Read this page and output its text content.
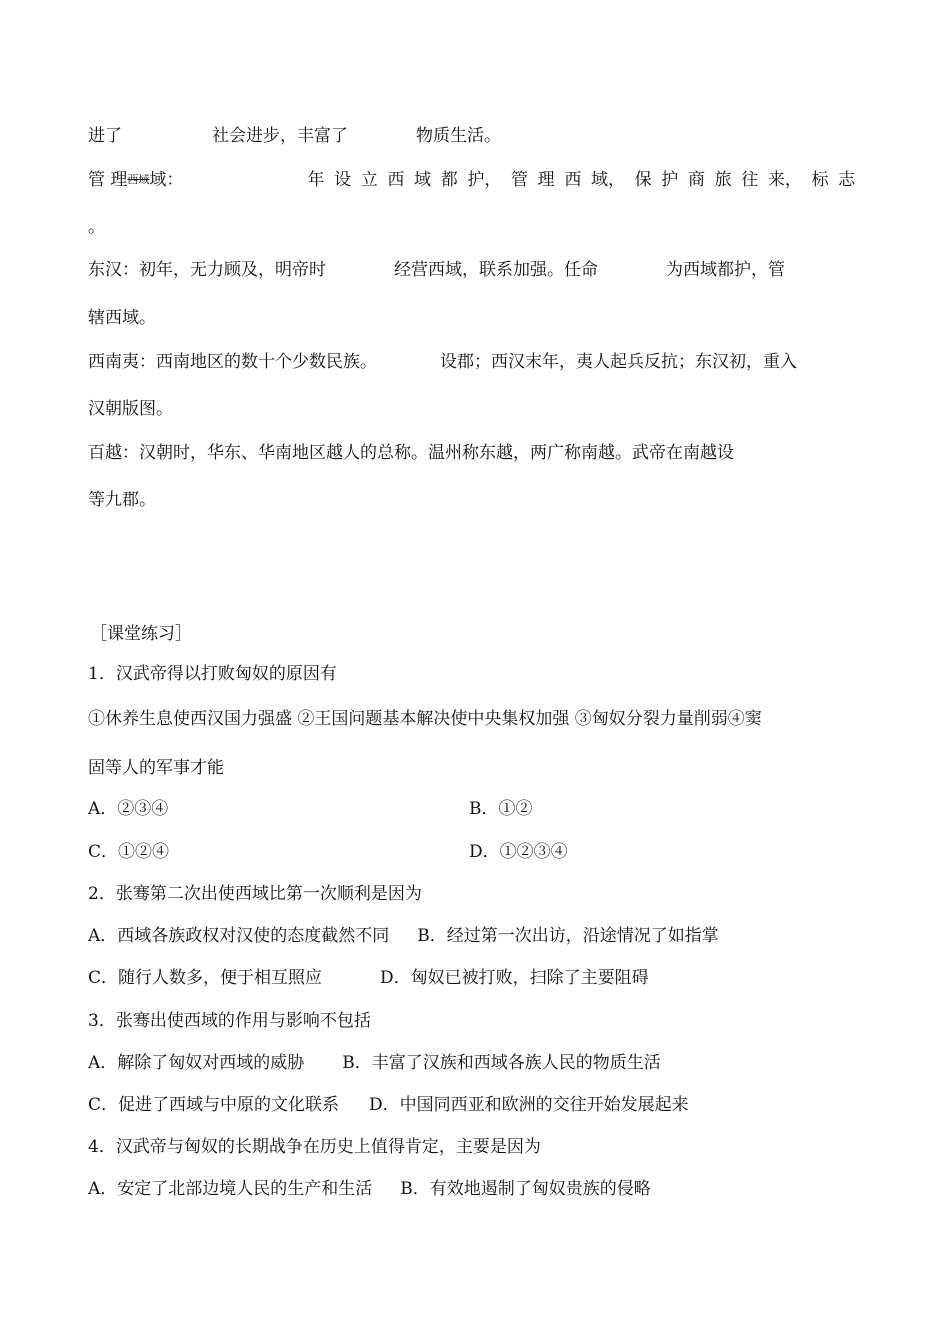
进了	社会进步，丰富了	物质生活。
管 理 西域 域：	年 设 立 西 域 都 护， 管 理 西 域， 保 护 商 旅 往 来， 标 志
。
东汉：初年，无力顾及，明帝时	经营西域，联系加强。任命	为西域都护，管
辖西域。
西南夷：西南地区的数十个少数民族。	设郡；西汉末年，夷人起兵反抗；东汉初，重入
汉朝版图。
百越：汉朝时，华东、华南地区越人的总称。温州称东越，两广称南越。武帝在南越设
等九郡。
［课堂练习］
1．汉武帝得以打败匈奴的原因有
①休养生息使西汉国力强盛 ②王国问题基本解决使中央集权加强 ③匈奴分裂力量削弱④窦
固等人的军事才能
A．②③④	B．①②
C．①②④	D．①②③④
2．张骞第二次出使西域比第一次顺利是因为
A．西域各族政权对汉使的态度截然不同 B．经过第一次出访，沿途情况了如指掌
C．随行人数多，便于相互照应	D．匈奴已被打败，扫除了主要阻碍
3．张骞出使西域的作用与影响不包括
A．解除了匈奴对西域的威胁 B．丰富了汉族和西域各族人民的物质生活
C．促进了西域与中原的文化联系 D．中国同西亚和欧洲的交往开始发展起来
4．汉武帝与匈奴的长期战争在历史上值得肯定，主要是因为
A．安定了北部边境人民的生产和生活 B．有效地遏制了匈奴贵族的侵略
